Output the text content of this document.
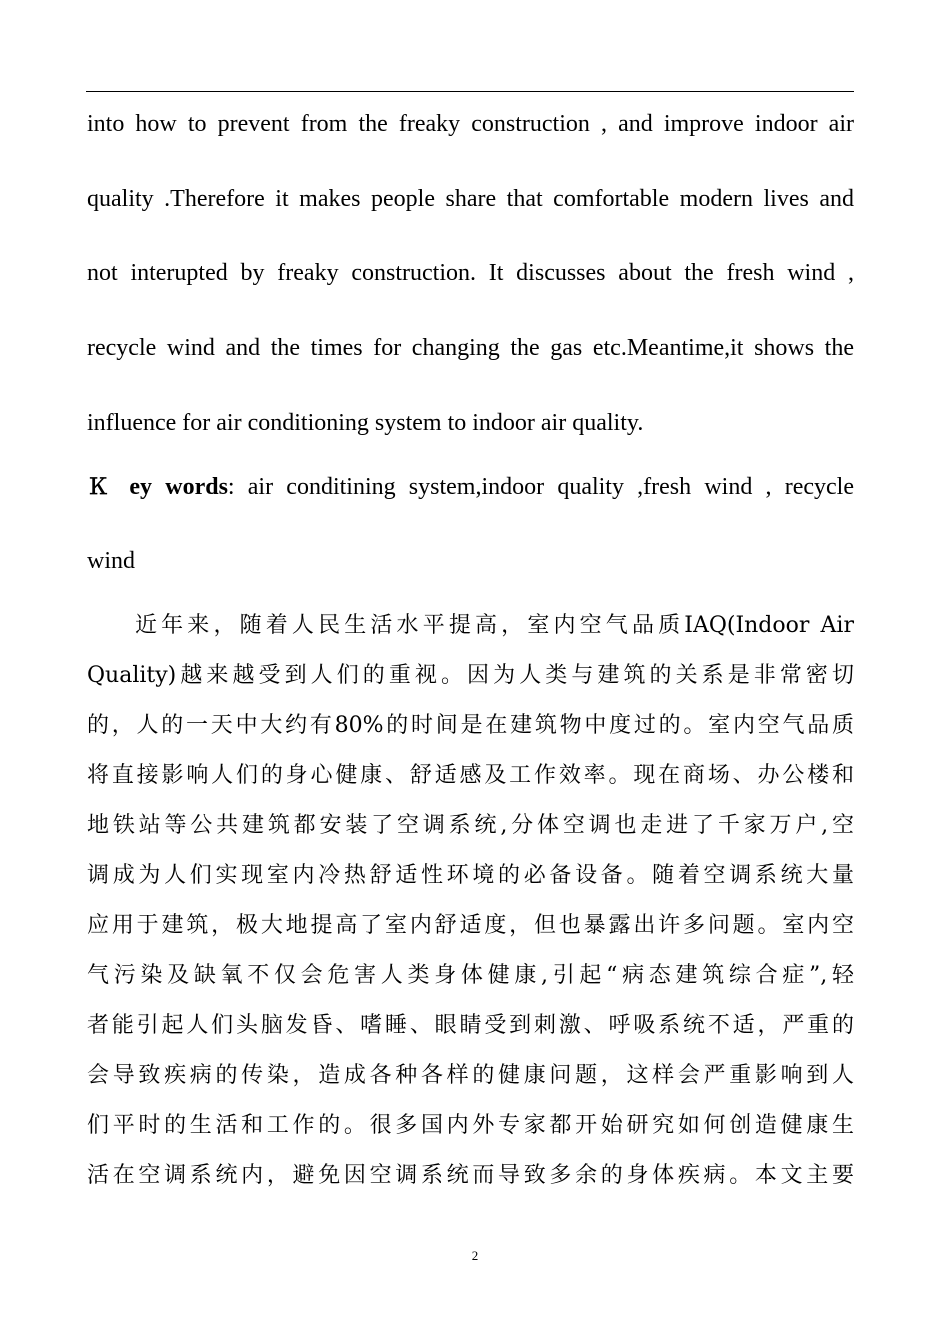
into how to prevent from the freaky construction , and improve indoor air
quality .Therefore it makes people share that comfortable modern lives and
not interupted by freaky construction. It discusses about the fresh wind ,
recycle wind and the times for changing the gas etc.Meantime,it shows the
influence for air conditioning system to indoor air quality.
Ｋ ey words: air conditining system,indoor quality ,fresh wind , recycle
wind
近年来，随着人民生活水平提高，室内空气品质IAQ(Indoor Air
Quality)越来越受到人们的重视。因为人类与建筑的关系是非常密切
的，人的一天中大约有80%的时间是在建筑物中度过的。室内空气品质
将直接影响人们的身心健康、舒适感及工作效率。现在商场、办公楼和
地铁站等公共建筑都安装了空调系统,分体空调也走进了千家万户,空
调成为人们实现室内冷热舒适性环境的必备设备。随着空调系统大量
应用于建筑，极大地提高了室内舒适度，但也暴露出许多问题。室内空
气污染及缺氧不仅会危害人类身体健康,引起“病态建筑综合症”,轻
者能引起人们头脑发昏、嗜睡、眼睛受到刺激、呼吸系统不适，严重的
会导致疾病的传染，造成各种各样的健康问题，这样会严重影响到人
们平时的生活和工作的。很多国内外专家都开始研究如何创造健康生
活在空调系统内，避免因空调系统而导致多余的身体疾病。本文主要
2
